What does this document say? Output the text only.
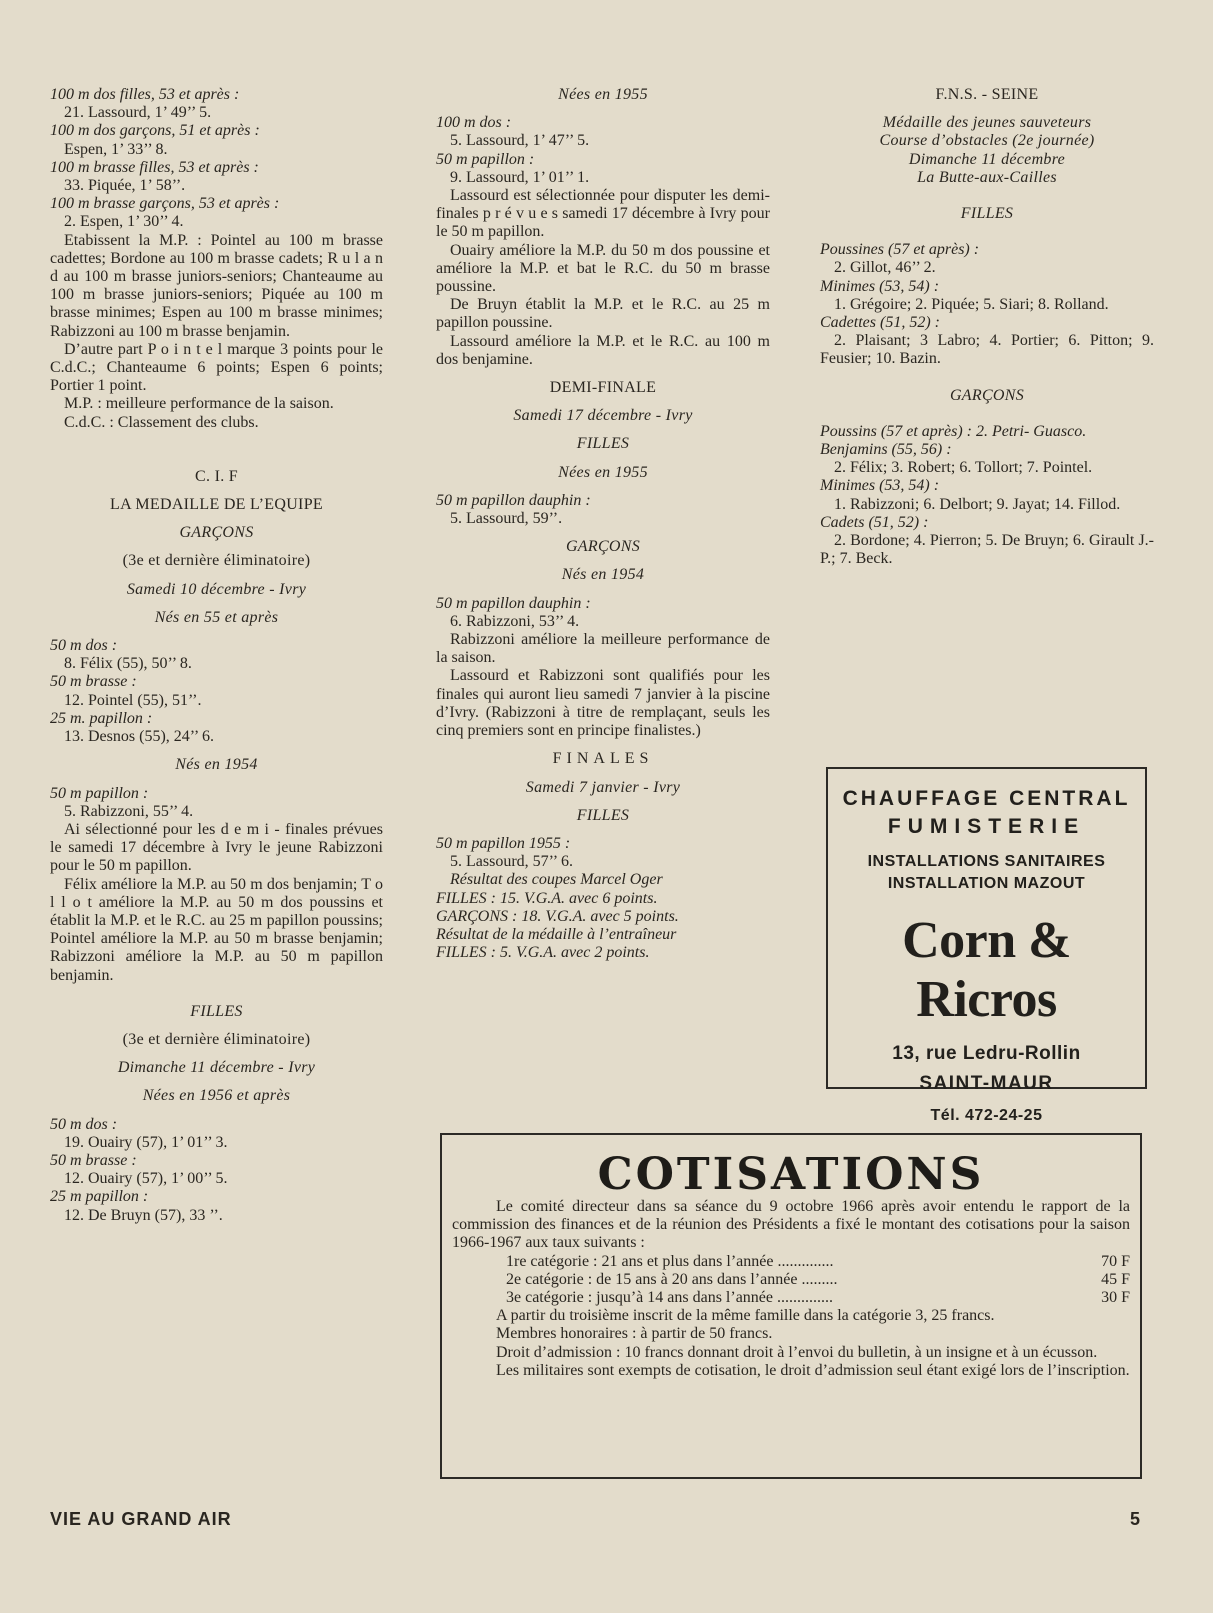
100 m dos filles, 53 et après :
21. Lassourd, 1’ 49’’ 5.
100 m dos garçons, 51 et après :
Espen, 1’ 33’’ 8.
100 m brasse filles, 53 et après :
33. Piquée, 1’ 58’’.
100 m brasse garçons, 53 et après :
2. Espen, 1’ 30’’ 4.
Etabissent la M.P. : Pointel au 100 m brasse cadettes; Bordone au 100 m brasse cadets; R u l a n d au 100 m brasse juniors-seniors; Chanteaume au 100 m brasse juniors-seniors; Piquée au 100 m brasse minimes; Espen au 100 m brasse minimes; Rabizzoni au 100 m brasse benjamin.
D’autre part P o i n t e l marque 3 points pour le C.d.C.; Chanteaume 6 points; Espen 6 points; Portier 1 point.
M.P. : meilleure performance de la saison.
C.d.C. : Classement des clubs.
C. I. F
LA MEDAILLE DE L’EQUIPE
GARÇONS
(3e et dernière éliminatoire)
Samedi 10 décembre - Ivry
Nés en 55 et après
50 m dos :
8. Félix (55), 50’’ 8.
50 m brasse :
12. Pointel (55), 51’’.
25 m. papillon :
13. Desnos (55), 24’’ 6.
Nés en 1954
50 m papillon :
5. Rabizzoni, 55’’ 4.
Ai sélectionné pour les d e m i - finales prévues le samedi 17 décembre à Ivry le jeune Rabizzoni pour le 50 m papillon.
Félix améliore la M.P. au 50 m dos benjamin; T o l l o t améliore la M.P. au 50 m dos poussins et établit la M.P. et le R.C. au 25 m papillon poussins; Pointel améliore la M.P. au 50 m brasse benjamin; Rabizzoni améliore la M.P. au 50 m papillon benjamin.
FILLES
(3e et dernière éliminatoire)
Dimanche 11 décembre - Ivry
Nées en 1956 et après
50 m dos :
19. Ouairy (57), 1’ 01’’ 3.
50 m brasse :
12. Ouairy (57), 1’ 00’’ 5.
25 m papillon :
12. De Bruyn (57), 33 ’’.
Nées en 1955
100 m dos :
5. Lassourd, 1’ 47’’ 5.
50 m papillon :
9. Lassourd, 1’ 01’’ 1.
Lassourd est sélectionnée pour disputer les demi-finales p r é v u e s samedi 17 décembre à Ivry pour le 50 m papillon.
Ouairy améliore la M.P. du 50 m dos poussine et améliore la M.P. et bat le R.C. du 50 m brasse poussine.
De Bruyn établit la M.P. et le R.C. au 25 m papillon poussine.
Lassourd améliore la M.P. et le R.C. au 100 m dos benjamine.
DEMI-FINALE
Samedi 17 décembre - Ivry
FILLES
Nées en 1955
50 m papillon dauphin :
5. Lassourd, 59’’.
GARÇONS
Nés en 1954
50 m papillon dauphin :
6. Rabizzoni, 53’’ 4.
Rabizzoni améliore la meilleure performance de la saison.
Lassourd et Rabizzoni sont qualifiés pour les finales qui auront lieu samedi 7 janvier à la piscine d’Ivry. (Rabizzoni à titre de remplaçant, seuls les cinq premiers sont en principe finalistes.)
FINALES
Samedi 7 janvier - Ivry
FILLES
50 m papillon 1955 :
5. Lassourd, 57’’ 6.
Résultat des coupes Marcel Oger
FILLES : 15. V.G.A. avec 6 points.
GARÇONS : 18. V.G.A. avec 5 points.
Résultat de la médaille à l’entraîneur
FILLES : 5. V.G.A. avec 2 points.
F.N.S. - SEINE
Médaille des jeunes sauveteurs
Course d’obstacles (2e journée)
Dimanche 11 décembre
La Butte-aux-Cailles
FILLES
Poussines (57 et après) :
2. Gillot, 46’’ 2.
Minimes (53, 54) :
1. Grégoire; 2. Piquée; 5. Siari; 8. Rolland.
Cadettes (51, 52) :
2. Plaisant; 3 Labro; 4. Portier; 6. Pitton; 9. Feusier; 10. Bazin.
GARÇONS
Poussins (57 et après) : 2. Petri- Guasco.
Benjamins (55, 56) :
2. Félix; 3. Robert; 6. Tollort; 7. Pointel.
Minimes (53, 54) :
1. Rabizzoni; 6. Delbort; 9. Jayat; 14. Fillod.
Cadets (51, 52) :
2. Bordone; 4. Pierron; 5. De Bruyn; 6. Girault J.-P.; 7. Beck.
CHAUFFAGE CENTRAL
FUMISTERIE
INSTALLATIONS SANITAIRES
INSTALLATION MAZOUT
Corn & Ricros
13, rue Ledru-Rollin
SAINT-MAUR
Tél. 472-24-25
COTISATIONS
Le comité directeur dans sa séance du 9 octobre 1966 après avoir entendu le rapport de la commission des finances et de la réunion des Présidents a fixé le montant des cotisations pour la saison 1966-1967 aux taux suivants :
1re catégorie : 21 ans et plus dans l’année ..............	70 F
2e catégorie : de 15 ans à 20 ans dans l’année .........	45 F
3e catégorie : jusqu’à 14 ans dans l’année ..............	30 F
A partir du troisième inscrit de la même famille dans la catégorie 3, 25 francs.
Membres honoraires : à partir de 50 francs.
Droit d’admission : 10 francs donnant droit à l’envoi du bulletin, à un insigne et à un écusson.
Les militaires sont exempts de cotisation, le droit d’admission seul étant exigé lors de l’inscription.
VIE AU GRAND AIR	5
